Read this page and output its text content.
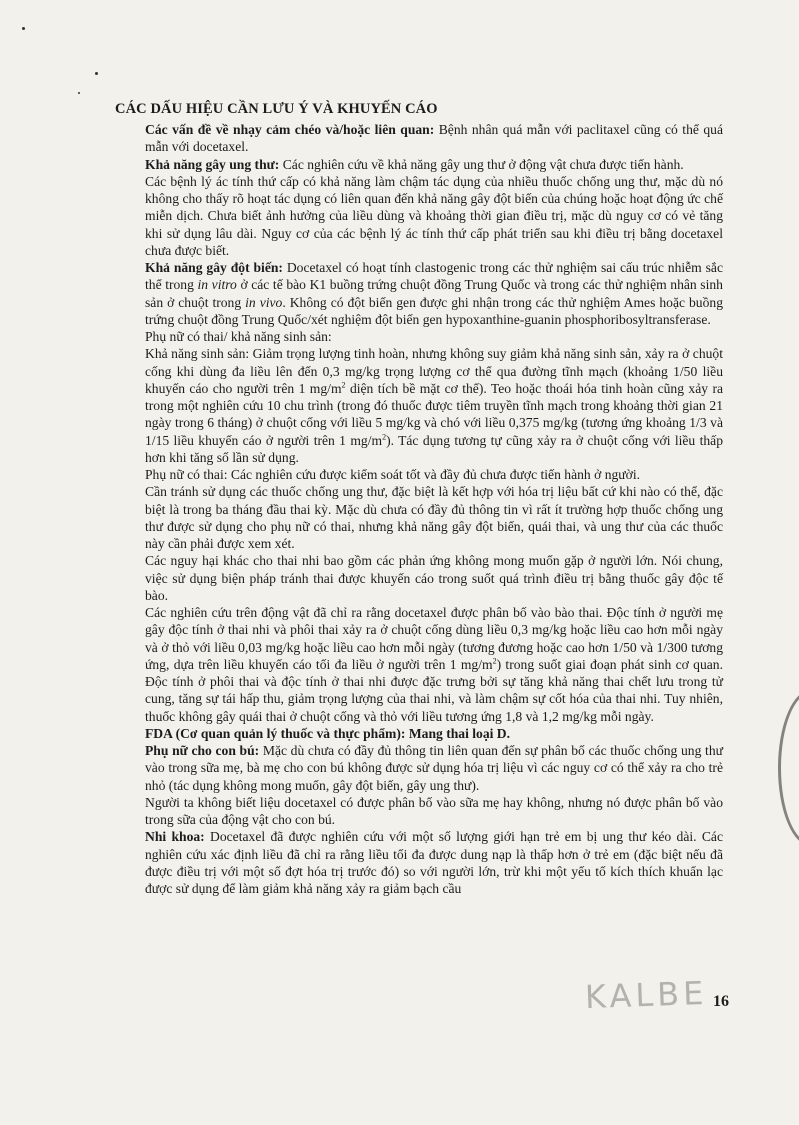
CÁC DẤU HIỆU CẦN LƯU Ý VÀ KHUYẾN CÁO

Các vấn đề về nhạy cảm chéo và/hoặc liên quan: Bệnh nhân quá mẫn với paclitaxel cũng có thể quá mẫn với docetaxel.

Khả năng gây ung thư: Các nghiên cứu về khả năng gây ung thư ở động vật chưa được tiến hành.

Các bệnh lý ác tính thứ cấp có khả năng làm chậm tác dụng của nhiều thuốc chống ung thư, mặc dù nó không cho thấy rõ hoạt tác dụng có liên quan đến khả năng gây đột biến của chúng hoặc hoạt động ức chế miễn dịch. Chưa biết ảnh hưởng của liều dùng và khoảng thời gian điều trị, mặc dù nguy cơ có vẻ tăng khi sử dụng lâu dài. Nguy cơ của các bệnh lý ác tính thứ cấp phát triển sau khi điều trị bằng docetaxel chưa được biết.

Khả năng gây đột biến: Docetaxel có hoạt tính clastogenic trong các thử nghiệm sai cấu trúc nhiễm sắc thể trong in vitro ở các tế bào K1 buồng trứng chuột đồng Trung Quốc và trong các thử nghiệm nhân sinh sản ở chuột trong in vivo. Không có đột biến gen được ghi nhận trong các thử nghiệm Ames hoặc buồng trứng chuột đồng Trung Quốc/xét nghiệm đột biến gen hypoxanthine-guanin phosphoribosyltransferase.

Phụ nữ có thai/ khả năng sinh sản:

Khả năng sinh sản: Giảm trọng lượng tinh hoàn, nhưng không suy giảm khả năng sinh sản, xảy ra ở chuột cống khi dùng đa liều lên đến 0,3 mg/kg trọng lượng cơ thể qua đường tĩnh mạch (khoảng 1/50 liều khuyến cáo cho người trên 1 $mg/m^2$ diện tích bề mặt cơ thể). Teo hoặc thoái hóa tinh hoàn cũng xảy ra trong một nghiên cứu 10 chu trình (trong đó thuốc được tiêm truyền tĩnh mạch trong khoảng thời gian 21 ngày trong 6 tháng) ở chuột cống với liều 5 mg/kg và chó với liều 0,375 mg/kg (tương ứng khoảng 1/3 và 1/15 liều khuyến cáo ở người trên 1 $mg/m^2$). Tác dụng tương tự cũng xảy ra ở chuột cống với liều thấp hơn khi tăng số lần sử dụng.

Phụ nữ có thai: Các nghiên cứu được kiểm soát tốt và đầy đủ chưa được tiến hành ở người.

Cần tránh sử dụng các thuốc chống ung thư, đặc biệt là kết hợp với hóa trị liệu bất cứ khi nào có thể, đặc biệt là trong ba tháng đầu thai kỳ. Mặc dù chưa có đầy đủ thông tin vì rất ít trường hợp thuốc chống ung thư được sử dụng cho phụ nữ có thai, nhưng khả năng gây đột biến, quái thai, và ung thư của các thuốc này cần phải được xem xét.

Các nguy hại khác cho thai nhi bao gồm các phản ứng không mong muốn gặp ở người lớn. Nói chung, việc sử dụng biện pháp tránh thai được khuyến cáo trong suốt quá trình điều trị bằng thuốc gây độc tế bào.

Các nghiên cứu trên động vật đã chỉ ra rằng docetaxel được phân bố vào bào thai. Độc tính ở người mẹ gây độc tính ở thai nhi và phôi thai xảy ra ở chuột cống dùng liều 0,3 mg/kg hoặc liều cao hơn mỗi ngày và ở thỏ với liều 0,03 mg/kg hoặc liều cao hơn mỗi ngày (tương đương hoặc cao hơn 1/50 và 1/300 tương ứng, dựa trên liều khuyến cáo tối đa liều ở người trên 1 $mg/m^2$) trong suốt giai đoạn phát sinh cơ quan. Độc tính ở phôi thai và độc tính ở thai nhi được đặc trưng bởi sự tăng khả năng thai chết lưu trong tử cung, tăng sự tái hấp thu, giảm trọng lượng của thai nhi, và làm chậm sự cốt hóa của thai nhi. Tuy nhiên, thuốc không gây quái thai ở chuột cống và thỏ với liều tương ứng 1,8 và 1,2 mg/kg mỗi ngày.

FDA (Cơ quan quản lý thuốc và thực phẩm): Mang thai loại D.

Phụ nữ cho con bú: Mặc dù chưa có đầy đủ thông tin liên quan đến sự phân bố các thuốc chống ung thư vào trong sữa mẹ, bà mẹ cho con bú không được sử dụng hóa trị liệu vì các nguy cơ có thể xảy ra cho trẻ nhỏ (tác dụng không mong muốn, gây đột biến, gây ung thư).

Người ta không biết liệu docetaxel có được phân bố vào sữa mẹ hay không, nhưng nó được phân bố vào trong sữa của động vật cho con bú.

Nhi khoa: Docetaxel đã được nghiên cứu với một số lượng giới hạn trẻ em bị ung thư kéo dài. Các nghiên cứu xác định liều đã chỉ ra rằng liều tối đa được dung nạp là thấp hơn ở trẻ em (đặc biệt nếu đã được điều trị với một số đợt hóa trị trước đó) so với người lớn, trừ khi một yếu tố kích thích khuẩn lạc được sử dụng để làm giảm khả năng xảy ra giảm bạch cầu

KALBE 16
